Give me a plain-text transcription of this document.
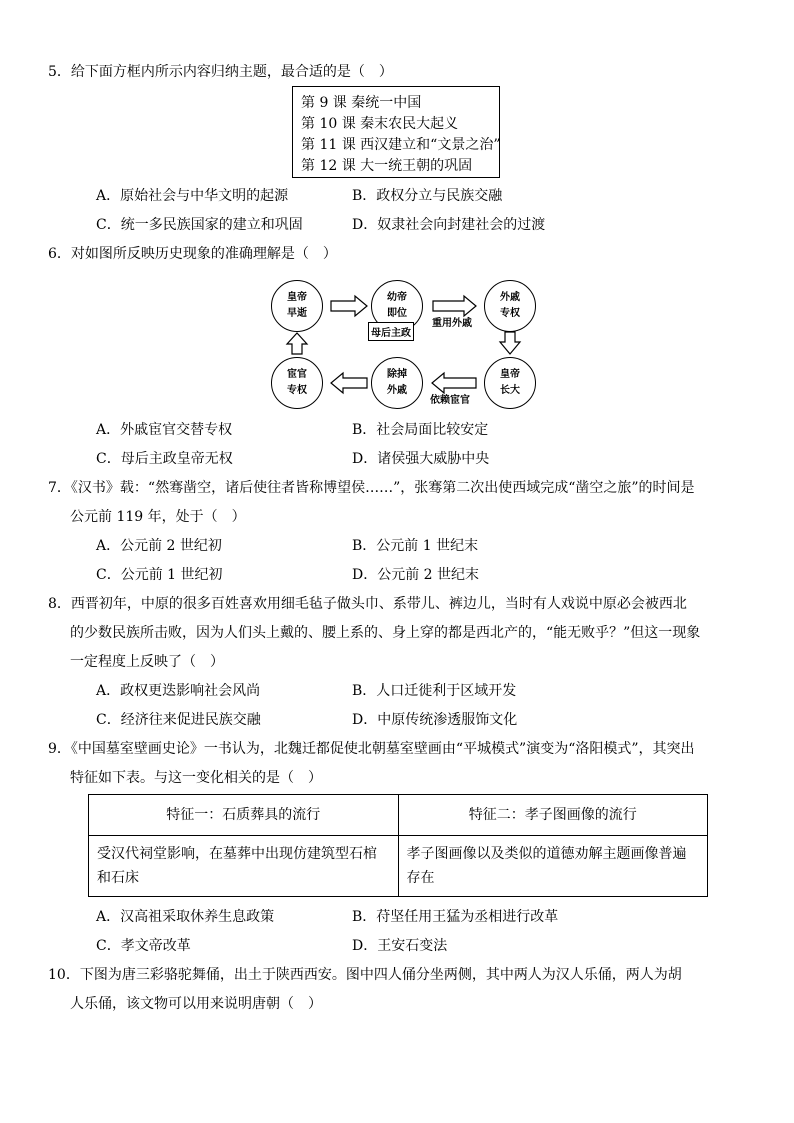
5．给下面方框内所示内容归纳主题，最合适的是（　）
第 9 课 秦统一中国
第 10 课 秦末农民大起义
第 11 课 西汉建立和“文景之治”
第 12 课 大一统王朝的巩固
A．原始社会与中华文明的起源	B．政权分立与民族交融
C．统一多民族国家的建立和巩固	D．奴隶社会向封建社会的过渡
6．对如图所反映历史现象的准确理解是（　）
皇帝
早逝
幼帝
即位
母后主政
外戚
专权
皇帝
长大
除掉
外戚
宦官
专权
重用外戚
依赖宦官
A．外戚宦官交替专权	B．社会局面比较安定
C．母后主政皇帝无权	D．诸侯强大威胁中央
7．《汉书》载：“然骞凿空，诸后使往者皆称博望侯……”，张骞第二次出使西域完成“凿空之旅”的时间是
公元前 119 年，处于（　）
A．公元前 2 世纪初	B．公元前 1 世纪末
C．公元前 1 世纪初	D．公元前 2 世纪末
8．西晋初年，中原的很多百姓喜欢用细毛毡子做头巾、系带儿、裤边儿，当时有人戏说中原必会被西北
的少数民族所击败，因为人们头上戴的、腰上系的、身上穿的都是西北产的，“能无败乎？”但这一现象
一定程度上反映了（　）
A．政权更迭影响社会风尚	B．人口迁徙利于区域开发
C．经济往来促进民族交融	D．中原传统渗透服饰文化
9．《中国墓室壁画史论》一书认为，北魏迁都促使北朝墓室壁画由“平城模式”演变为“洛阳模式”，其突出
特征如下表。与这一变化相关的是（　）
特征一：石质葬具的流行	特征二：孝子图画像的流行
受汉代祠堂影响，在墓葬中出现仿建筑型石棺和石床	孝子图画像以及类似的道德劝解主题画像普遍存在
A．汉高祖采取休养生息政策	B．苻坚任用王猛为丞相进行改革
C．孝文帝改革	D．王安石变法
10．下图为唐三彩骆驼舞俑，出土于陕西西安。图中四人俑分坐两侧，其中两人为汉人乐俑，两人为胡
人乐俑，该文物可以用来说明唐朝（　）
